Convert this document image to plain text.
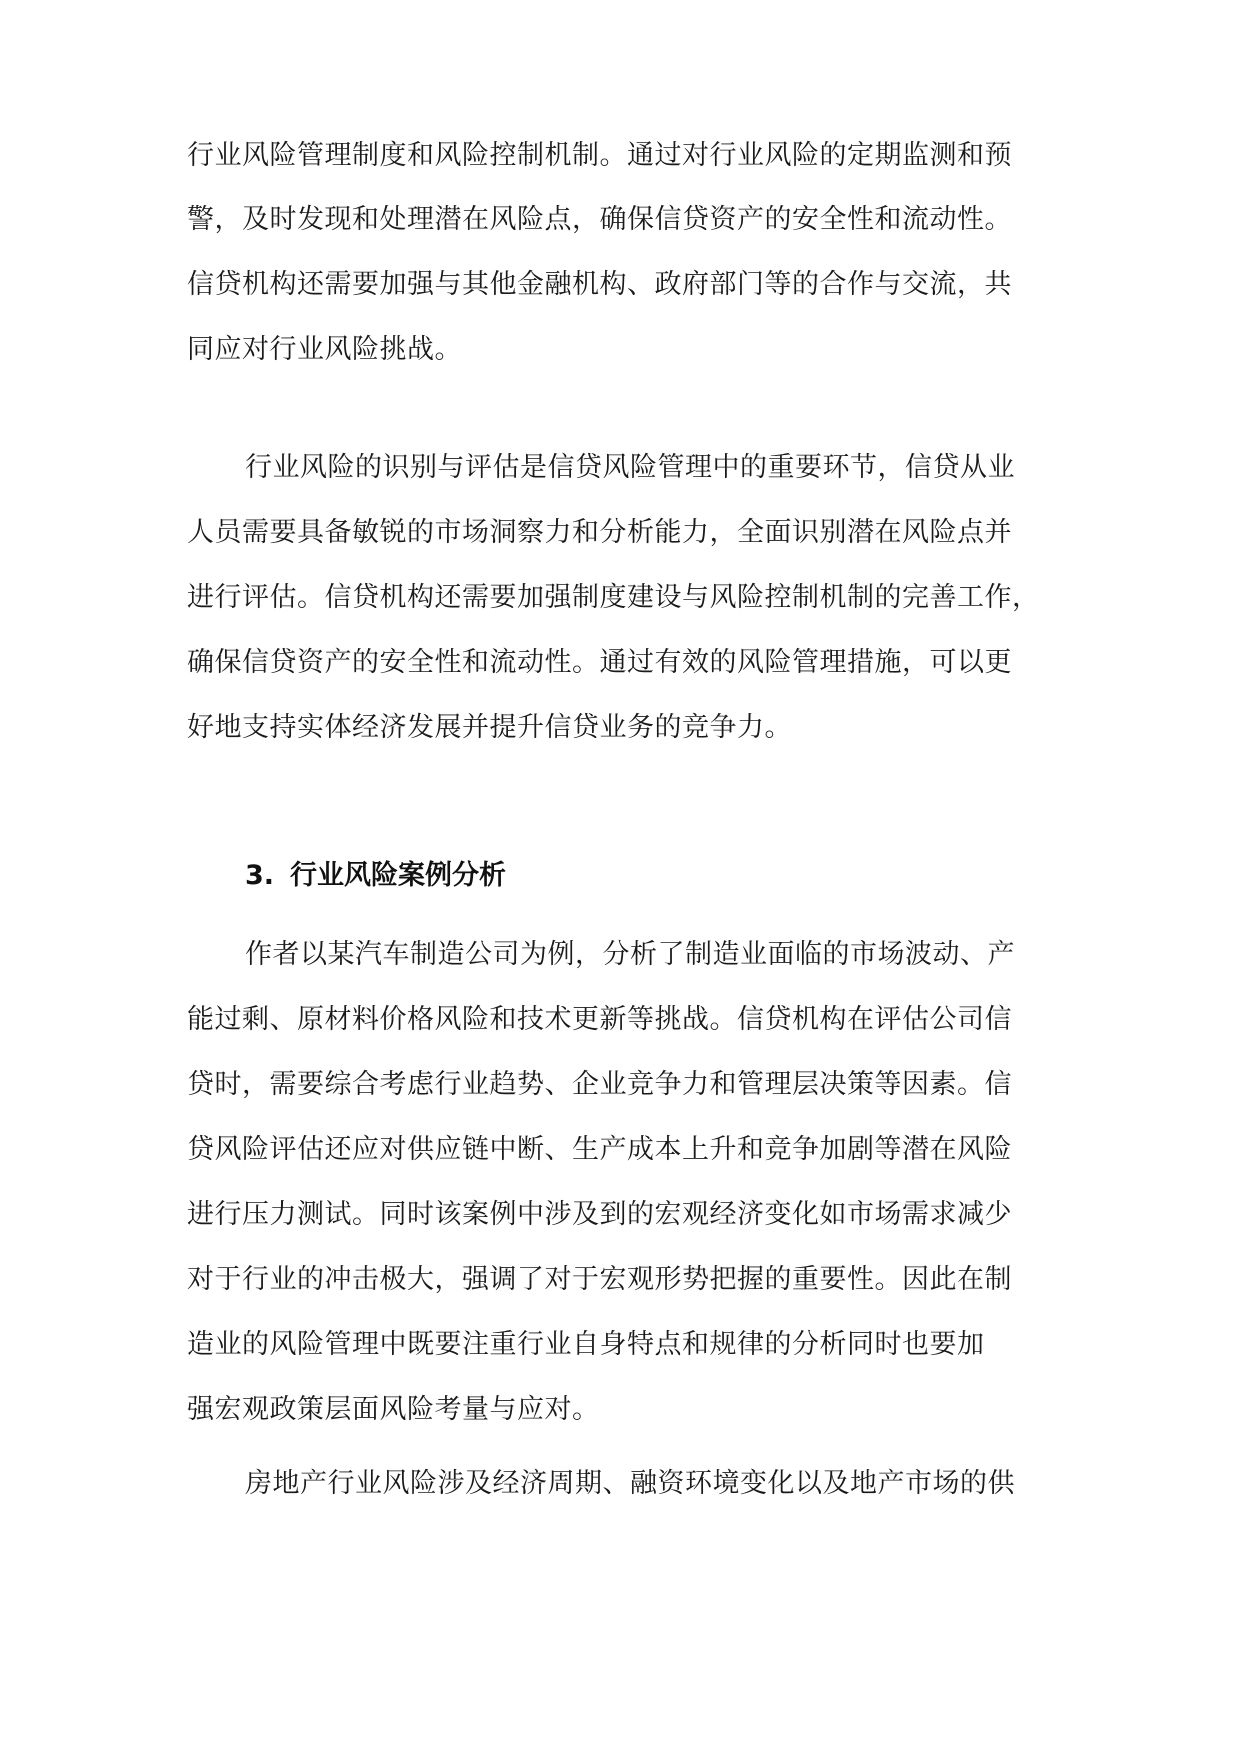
行业风险管理制度和风险控制机制。通过对行业风险的定期监测和预
警，及时发现和处理潜在风险点，确保信贷资产的安全性和流动性。
信贷机构还需要加强与其他金融机构、政府部门等的合作与交流，共
同应对行业风险挑战。
行业风险的识别与评估是信贷风险管理中的重要环节，信贷从业
人员需要具备敏锐的市场洞察力和分析能力，全面识别潜在风险点并
进行评估。信贷机构还需要加强制度建设与风险控制机制的完善工作，
确保信贷资产的安全性和流动性。通过有效的风险管理措施，可以更
好地支持实体经济发展并提升信贷业务的竞争力。
3. 行业风险案例分析
作者以某汽车制造公司为例，分析了制造业面临的市场波动、产
能过剩、原材料价格风险和技术更新等挑战。信贷机构在评估公司信
贷时，需要综合考虑行业趋势、企业竞争力和管理层决策等因素。信
贷风险评估还应对供应链中断、生产成本上升和竞争加剧等潜在风险
进行压力测试。同时该案例中涉及到的宏观经济变化如市场需求减少
对于行业的冲击极大，强调了对于宏观形势把握的重要性。因此在制
造业的风险管理中既要注重行业自身特点和规律的分析同时也要加
强宏观政策层面风险考量与应对。
房地产行业风险涉及经济周期、融资环境变化以及地产市场的供
